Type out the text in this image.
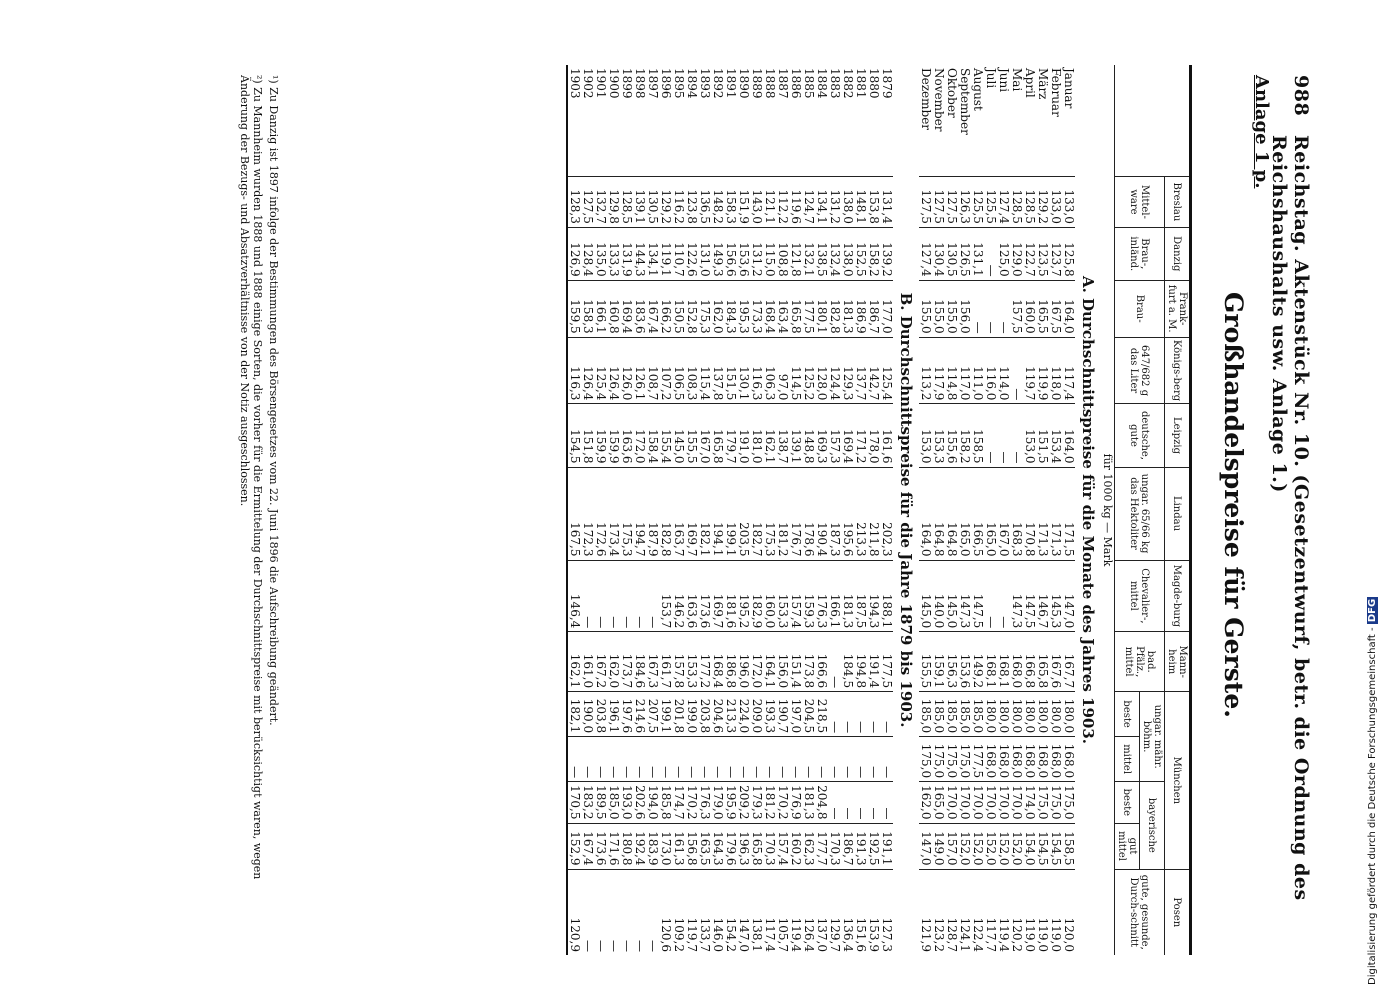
988
Reichstag. Aktenstück Nr. 10. (Gesetzentwurf, betr. die Ordnung des Reichshaushalts usw. Anlage 1.)
Anlage 1 p.
Großhandelspreise für Gerste.
	Breslau	Danzig	Frank-furt a. M.	Königs-berg	Leipzig	Lindau	Magde-burg	Mann-heim	München				Posen
	Mittel-ware	Brau-, inländ.	Brau-	647/682 g das Liter	deutsche, gute	ungar. 65/66 kg das Hektoliter	Chevalier-, mittel	bad. Pfälz., mittel	ungar. mähr. böhm.		bayerische		gute, gesunde, Durch-schnitt
									beste	mittel	beste	gut mittel	
für 1000 kg — Mark													
A. Durchschnittspreise für die Monate des Jahres 1903.													
Januar	133,0	125,8	164,0	117,4	164,0	171,5	147,0	167,7	180,0	168,0	175,0	158,5	120,0
Februar	133,0	123,7	167,5	118,0	153,4	171,3	145,3	167,6	180,0	168,0	175,0	154,5	119,0
März	129,2	123,5	165,5	119,9	151,5	171,3	146,7	165,8	180,0	168,0	175,0	154,5	119,0
April	128,5	122,7	160,0	119,7	153,0	170,8	147,5	166,8	180,0	168,0	174,0	154,0	119,0
Mai	128,5	129,0	157,5	—	—	168,3	147,3	168,0	180,0	168,0	170,0	152,0	120,2
Juni	127,4	125,0	—	114,0	—	167,0	—	168,1	180,0	168,0	170,0	152,0	119,4
Juli	125,5	—	—	116,0	—	165,0	—	168,1	180,0	168,0	170,0	152,0	117,7
August	125,5	131,1	—	111,0	158,5	166,5	147,5	149,2	185,0	177,5	170,0	152,0	122,4
September	126,3	126,5	156,0	117,0	158,2	165,0	147,3	153,6	185,0	175,0	170,0	152,0	124,1
Oktober	127,5	130,5	155,0	114,8	155,6	164,8	145,0	156,3	185,0	175,0	170,0	157,0	128,7
November	127,5	130,4	155,0	117,9	153,3	164,8	140,0	159,1	185,0	175,0	165,0	149,0	123,2
Dezember	127,5	127,4	155,0	113,2	153,0	164,0	145,0	155,5	185,0	175,0	162,0	147,0	121,9
B. Durchschnittspreise für die Jahre 1879 bis 1903.													
1879	131,4	139,2	177,0	125,4	161,6	202,3	188,1	177,5	—	—	—	191,1	127,3
1880	153,8	158,2	186,7	142,7	178,0	211,8	194,3	191,4	—	—	—	192,5	153,9
1881	148,1	152,5	186,9	137,7	171,2	213,3	187,5	194,8	—	—	—	191,3	151,6
1882	138,0	138,0	181,3	129,3	169,4	195,6	181,3	184,5	—	—	—	186,7	136,4
1883	131,2	132,4	182,8	124,4	157,3	187,3	166,1	—	—	—	—	170,3	129,7
1884	134,1	138,5	180,1	128,0	169,3	190,4	176,3	166,6	218,5	—	204,8	177,7	137,0
1885	124,7	132,1	177,5	125,2	148,8	178,6	159,3	173,8	204,5	—	181,3	162,3	126,4
1886	119,6	121,8	165,8	114,5	139,1	176,7	157,4	151,4	197,0	—	176,9	160,2	119,4
1887	112,2	108,8	163,4	97,0	138,7	181,2	153,3	156,0	190,7	—	170,2	157,4	105,7
1888	121,1	115,0	168,4	106,3	162,1	175,3	160,0	164,1	193,3	—	181,2	170,3	117,4
1889	143,0	131,2	173,3	116,3	181,0	182,7	182,9	172,0	209,0	—	179,3	165,8	138,1
1890	151,9	153,6	195,3	130,1	191,0	203,5	195,2	196,0	224,0	—	209,2	196,3	147,0
1891	158,3	156,6	184,3	151,5	179,7	199,1	181,6	186,8	213,3	—	195,9	179,6	154,2
1892	148,2	149,3	162,0	137,8	165,8	194,1	169,7	168,4	204,6	—	179,0	164,3	146,0
1893	136,5	131,0	175,3	115,4	167,0	182,1	173,6	177,2	203,8	—	176,3	163,5	133,7
1894	123,8	122,6	152,8	108,3	155,5	169,7	163,6	153,3	199,0	—	170,2	156,8	119,7
1895	116,2	110,7	150,5	106,5	145,0	163,7	146,2	157,8	201,8	—	174,7	161,3	109,2
1896	129,2	119,1	166,2	107,2	155,4	182,8	153,7	161,7	199,1	—	185,8	173,0	120,6
1897	130,5	134,1	167,4	108,7	158,4	187,9	—	167,3	207,5	—	194,0	183,9	—
1898	139,1	144,3	183,6	126,1	172,0	194,7	—	184,6	214,6	—	202,6	192,4	—
1899	128,5	131,9	169,4	126,0	163,6	175,3	—	173,7	197,6	—	193,0	180,8	—
1900	129,8	133,3	160,8	126,4	159,9	173,4	—	162,0	196,1	—	185,0	171,6	—
1901	132,7	135,0	166,1	125,4	159,9	172,6	—	167,2	203,8	—	189,5	173,6	—
1902	127,5	128,4	158,3	126,4	151,8	172,3	—	161,0	190,0	—	183,2	167,4	—
1903	128,3	126,9	159,5	116,3	154,5	167,5	146,4	162,1	182,1	—	170,5	152,9	120,9
¹) Zu Danzig ist 1897 infolge der Bestimmungen des Börsengesetzes vom 22. Juni 1896 die Aufschreibung geändert.
²) Zu Mannheim wurden 1888 und 1888 einige Sorten, die vorher für die Ermittelung der Durchschnittspreise mit berücksichtigt waren, wegen Änderung der Bezugs- und Absatzverhältnisse von der Notiz ausgeschlossen.
Digitalisierung gefördert durch die Deutsche Forschungsgemeinschaft - DFG
